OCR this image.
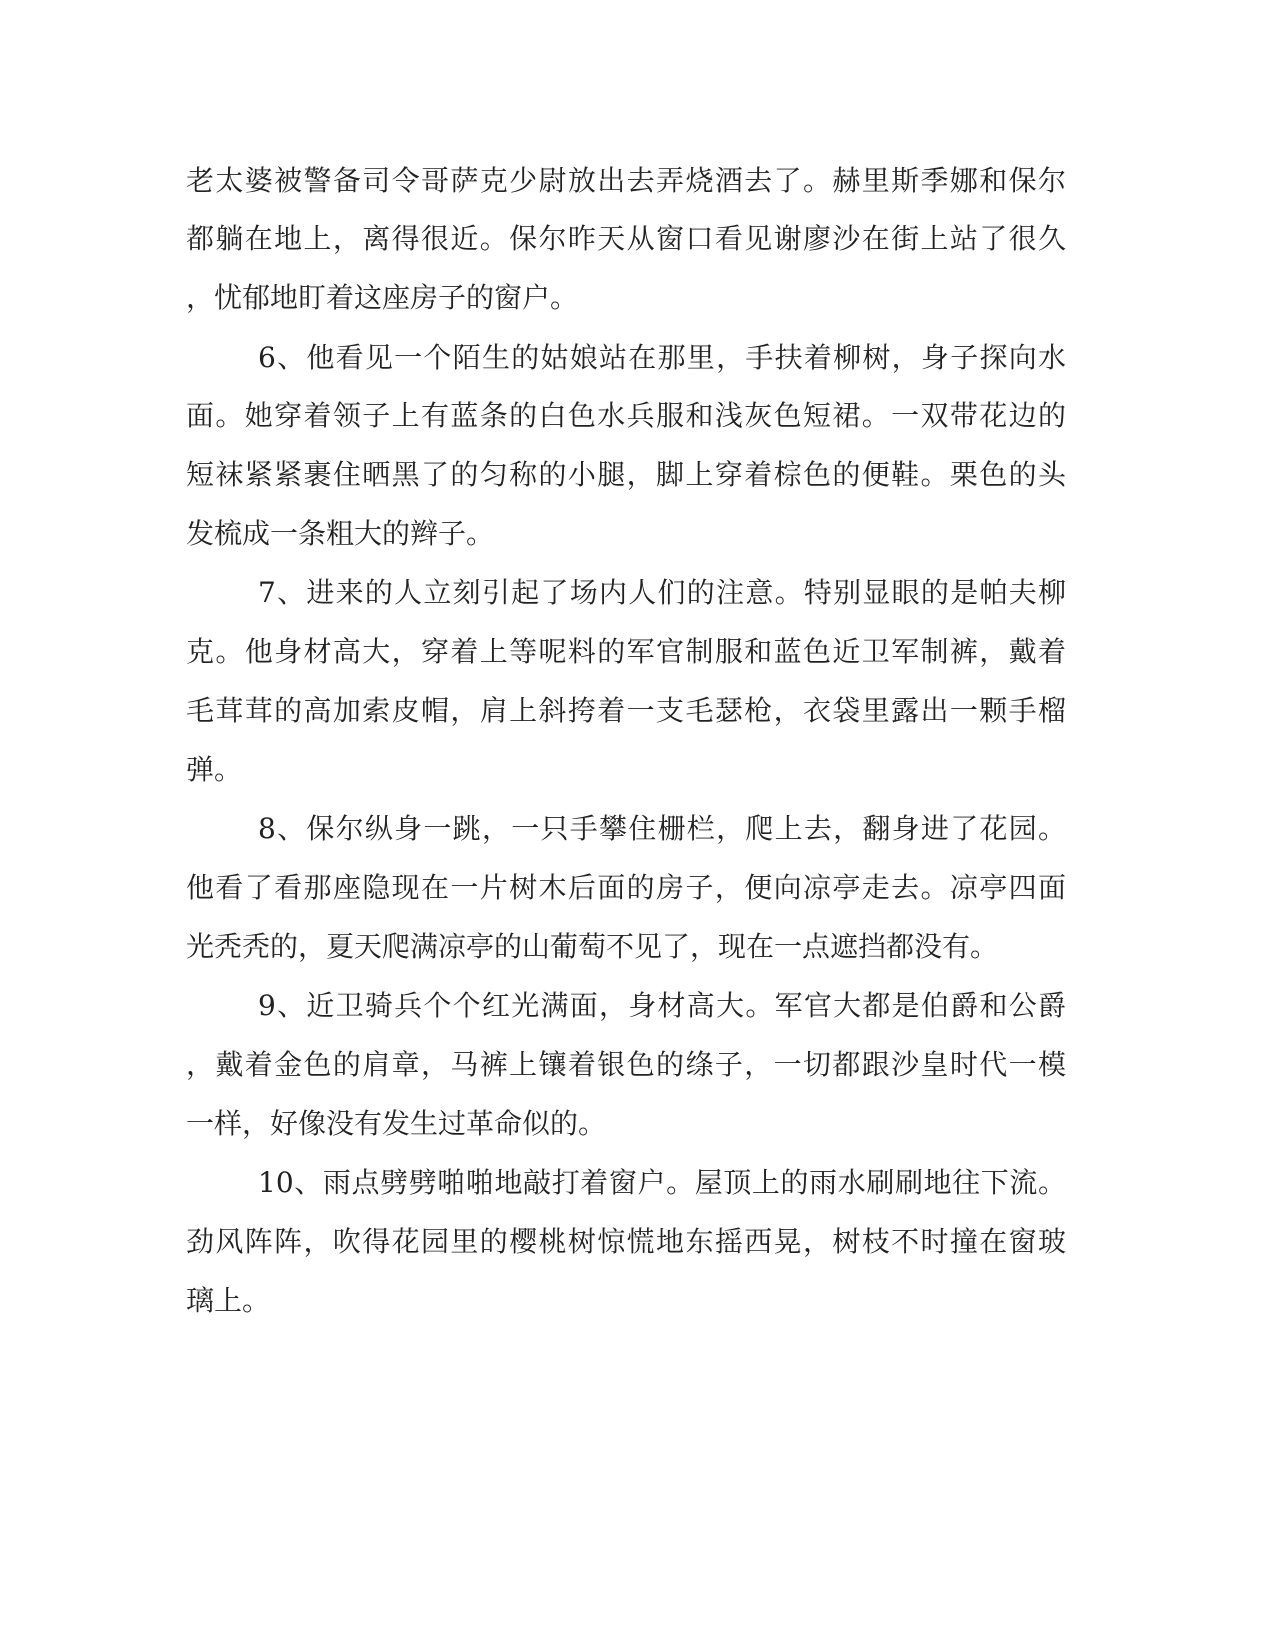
老太婆被警备司令哥萨克少尉放出去弄烧酒去了。赫里斯季娜和保尔
都躺在地上，离得很近。保尔昨天从窗口看见谢廖沙在街上站了很久
，忧郁地盯着这座房子的窗户。
6、他看见一个陌生的姑娘站在那里，手扶着柳树，身子探向水
面。她穿着领子上有蓝条的白色水兵服和浅灰色短裙。一双带花边的
短袜紧紧裹住晒黑了的匀称的小腿，脚上穿着棕色的便鞋。栗色的头
发梳成一条粗大的辫子。
7、进来的人立刻引起了场内人们的注意。特别显眼的是帕夫柳
克。他身材高大，穿着上等呢料的军官制服和蓝色近卫军制裤，戴着
毛茸茸的高加索皮帽，肩上斜挎着一支毛瑟枪，衣袋里露出一颗手榴
弹。
8、保尔纵身一跳，一只手攀住栅栏，爬上去，翻身进了花园。
他看了看那座隐现在一片树木后面的房子，便向凉亭走去。凉亭四面
光秃秃的，夏天爬满凉亭的山葡萄不见了，现在一点遮挡都没有。
9、近卫骑兵个个红光满面，身材高大。军官大都是伯爵和公爵
，戴着金色的肩章，马裤上镶着银色的绦子，一切都跟沙皇时代一模
一样，好像没有发生过革命似的。
10、雨点劈劈啪啪地敲打着窗户。屋顶上的雨水刷刷地往下流。
劲风阵阵，吹得花园里的樱桃树惊慌地东摇西晃，树枝不时撞在窗玻
璃上。
